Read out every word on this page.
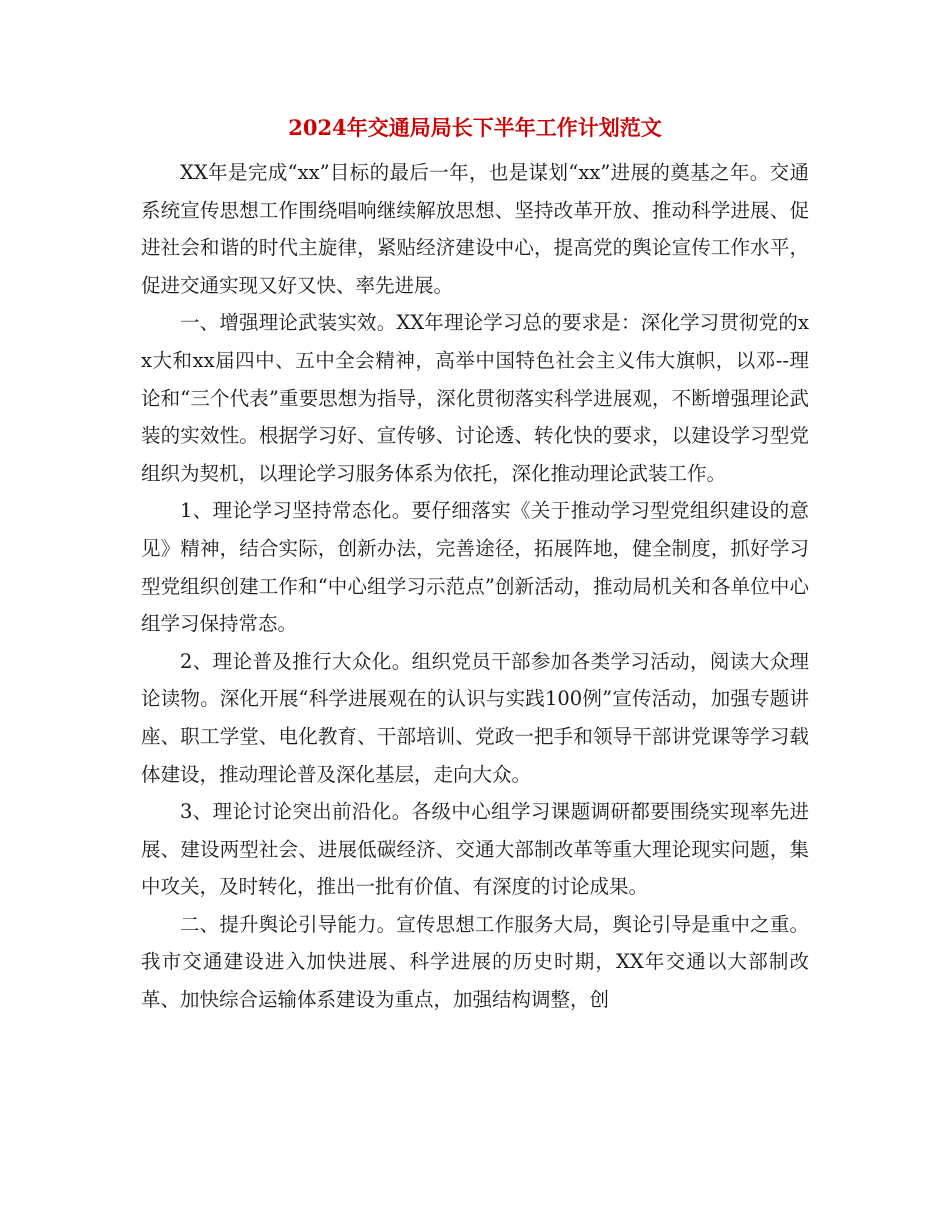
2024年交通局局长下半年工作计划范文

XX年是完成“xx”目标的最后一年，也是谋划“xx”进展的奠基之年。交通系统宣传思想工作围绕唱响继续解放思想、坚持改革开放、推动科学进展、促进社会和谐的时代主旋律，紧贴经济建设中心，提高党的舆论宣传工作水平，促进交通实现又好又快、率先进展。

一、增强理论武装实效。XX年理论学习总的要求是：深化学习贯彻党的xx大和xx届四中、五中全会精神，高举中国特色社会主义伟大旗帜，以邓--理论和“三个代表”重要思想为指导，深化贯彻落实科学进展观，不断增强理论武装的实效性。根据学习好、宣传够、讨论透、转化快的要求，以建设学习型党组织为契机，以理论学习服务体系为依托，深化推动理论武装工作。

1、理论学习坚持常态化。要仔细落实《关于推动学习型党组织建设的意见》精神，结合实际，创新办法，完善途径，拓展阵地，健全制度，抓好学习型党组织创建工作和“中心组学习示范点”创新活动，推动局机关和各单位中心组学习保持常态。

2、理论普及推行大众化。组织党员干部参加各类学习活动，阅读大众理论读物。深化开展“科学进展观在的认识与实践100例”宣传活动，加强专题讲座、职工学堂、电化教育、干部培训、党政一把手和领导干部讲党课等学习载体建设，推动理论普及深化基层，走向大众。

3、理论讨论突出前沿化。各级中心组学习课题调研都要围绕实现率先进展、建设两型社会、进展低碳经济、交通大部制改革等重大理论现实问题，集中攻关，及时转化，推出一批有价值、有深度的讨论成果。

二、提升舆论引导能力。宣传思想工作服务大局，舆论引导是重中之重。我市交通建设进入加快进展、科学进展的历史时期，XX年交通以大部制改革、加快综合运输体系建设为重点，加强结构调整，创
